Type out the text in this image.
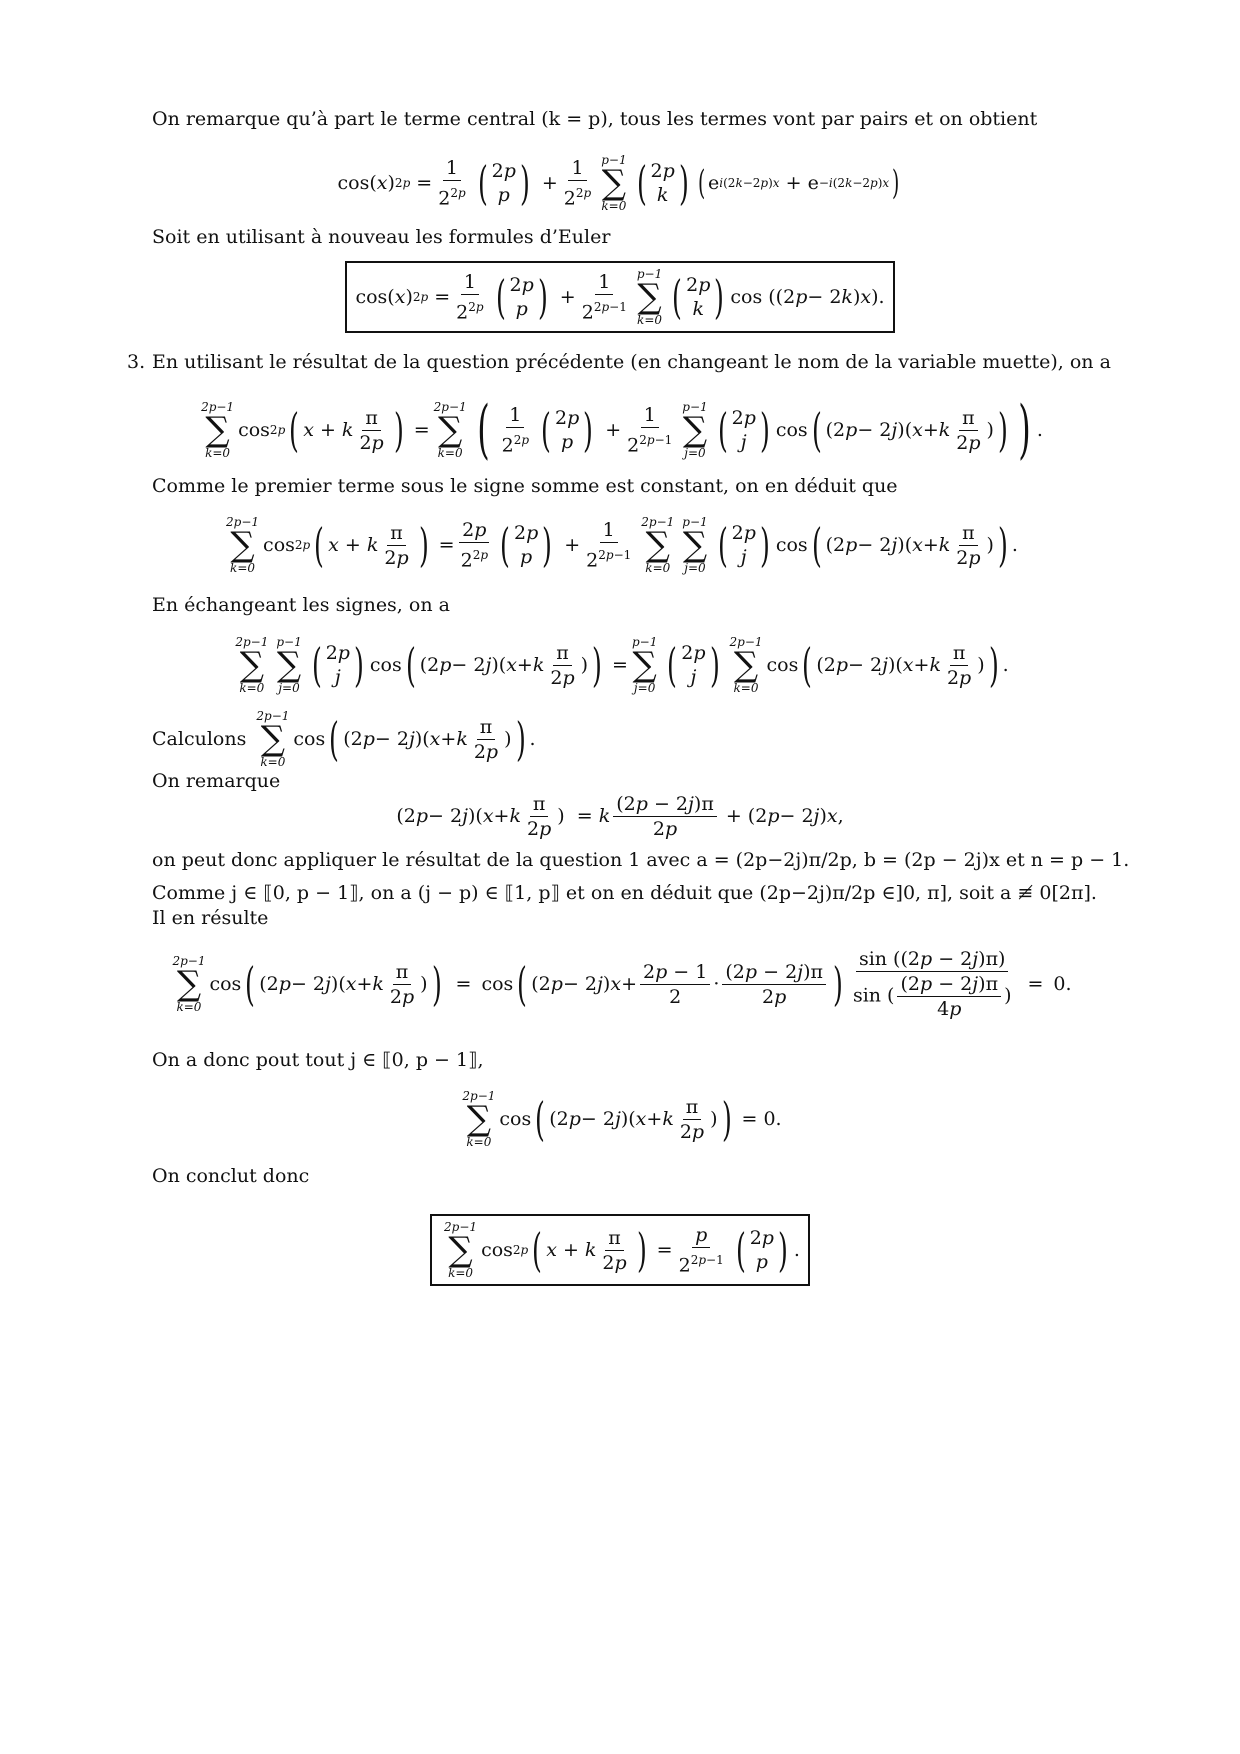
On remarque qu’à part le terme central (k = p), tous les termes vont par pairs et on obtient
cos( x ) $2p = \frac{1}{2^{2p}}$ ( 2p
p ) + $\frac{1}{2^{2p}} p-1$
∑
k=0 ( 2p
k ) ( e i(2k−2p)x + e −i(2k−2p)x )
Soit en utilisant à nouveau les formules d’Euler
cos( x ) $2p = \frac{1}{2^{2p}}$ ( 2p
p ) + $\frac{1}{2^{2p-1}} p-1$
∑
k=0 ( 2p
k ) cos ((2 p − 2 k ) x ).
3. En utilisant le résultat de la question précédente (en changeant le nom de la variable muette), on a
2p−1
∑
k=0
cos 2p ( x + k $\frac{\pi}{2p}$ ) =
2p−1
∑
k=0 ( $\frac{1}{2^{2p}}$ ( 2p
p ) + $\frac{1}{2^{2p-1}} p-1$
∑
j=0 ( 2p
j ) cos ( (2 p − 2 j )( x + k $\frac{\pi}{2p}$ ) ) ) .
Comme le premier terme sous le signe somme est constant, on en déduit que
2p−1
∑
k=0
cos 2p ( x + k $\frac{\pi}{2p}$ ) = $\frac{2p}{2^{2p}}$ ( 2p
p ) + $\frac{1}{2^{2p-1}} 2p-1$
∑
k=0
p−1
∑
j=0 ( 2p
j ) cos ( (2 p − 2 j )( x + k $\frac{\pi}{2p}$ ) ) .
En échangeant les signes, on a
2p−1
∑
k=0
p−1
∑
j=0 ( 2p
j ) cos ( (2 p − 2 j )( x + k $\frac{\pi}{2p}$ ) ) =
p−1
∑
j=0 ( 2p
j ) 2p−1
∑
k=0
cos ( (2 p − 2 j )( x + k $\frac{\pi}{2p}$ ) ) .
Calculons

2p−1
∑
k=0
cos ( (2 p − 2 j )( x + k $\frac{\pi}{2p}$ ) ) .
On remarque
(2 p − 2 j )( x + k $\frac{\pi}{2p}$ )  = k $\frac{(2p - 2j)\pi}{2p} + (2$ p − 2 j ) x ,
on peut donc appliquer le résultat de la question 1 avec a = (2p−2j)π/2p, b = (2p − 2j)x et n = p − 1.
Comme j ∈ ⟦0, p − 1⟧, on a (j − p) ∈ ⟦1, p⟧ et on en déduit que (2p−2j)π/2p ∈]0, π], soit a ≢ 0[2π].
Il en résulte
2p−1
∑
k=0
cos ( (2 p − 2 j )( x + k $\frac{\pi}{2p}$ ) ) =
cos ( (2 p − 2 j ) $x + \frac{2p - 1}{2} \cdot \frac{(2p - 2j)\pi}{2p}$ ) $\frac{\sin ((2p - 2j)\pi)}{\sin ( \frac{(2p - 2j)\pi}{4p} )} = 0$.
On a donc pout tout j ∈ ⟦0, p − 1⟧,
2p−1
∑
k=0
cos ( (2 p − 2 j )( x + k $\frac{\pi}{2p}$ ) ) = 0.
On conclut donc
2p−1
∑
k=0
cos 2p ( x + k $\frac{\pi}{2p}$ ) = $\frac{p}{2^{2p-1}}$ ( 2p
p ) .
